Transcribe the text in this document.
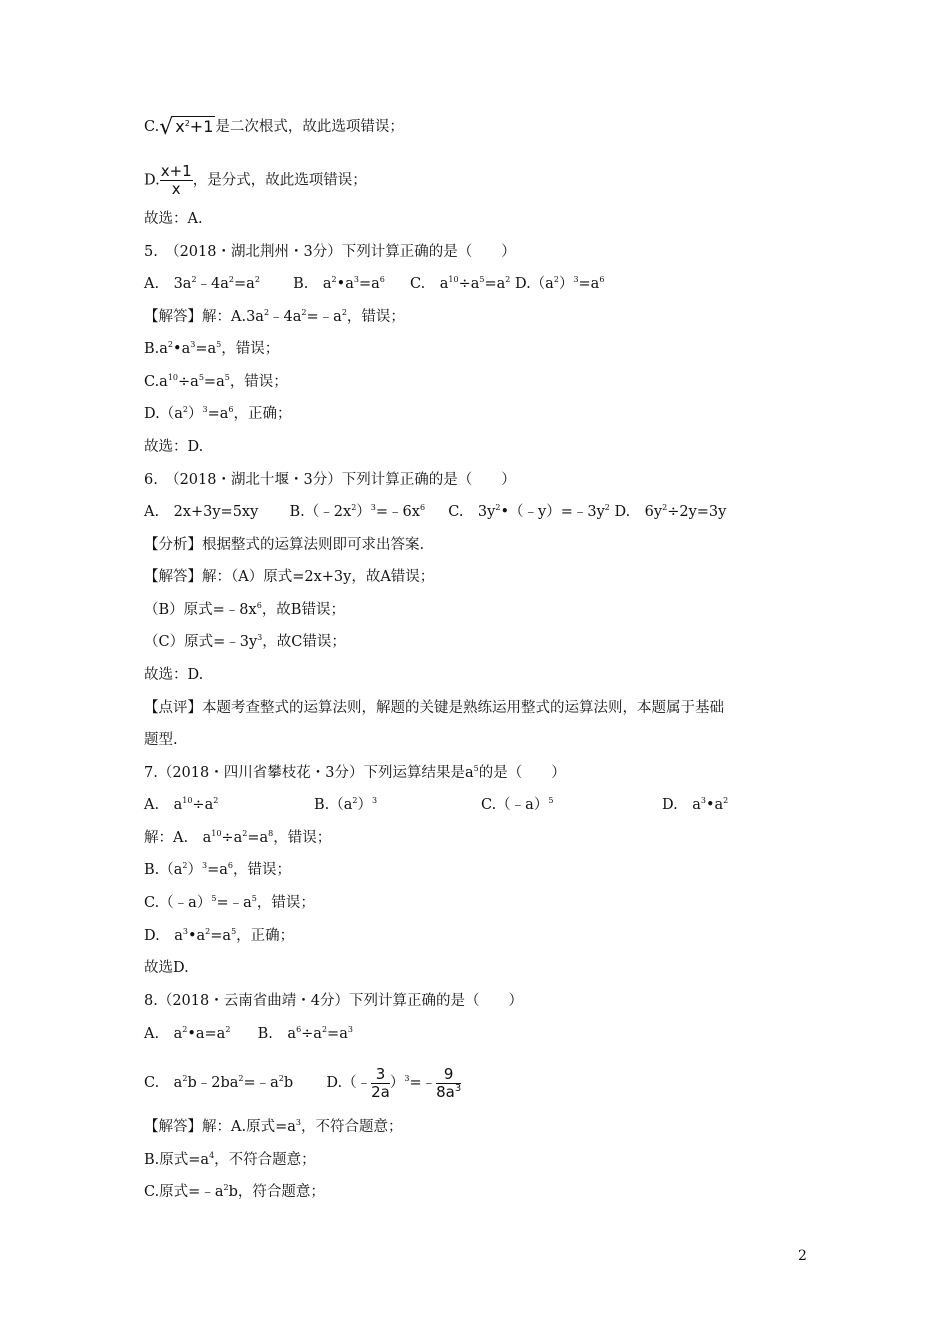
C.√ $x^2+1$ 是二次根式，故此选项错误；
D. $\frac{x+1}{x}$ ，是分式，故此选项错误；
故选：A.
5.　（2018・湖北荆州・3分）下列计算正确的是（　　）
A.　$3a^2﹣4a^2=a^2$ B.　$a^2•a^3=a^6$ C.　$a^{10}\div a^5=a^2$ $D.(a^2)^3=a^6$
【解答】解：$A.3a^2﹣4a^2=﹣a^2$，错误；
$B.a^2•a^3=a^5$，错误；
$C.a^{10}\div a^5=a^5$，错误；
$D.(a^2)^3=a^6$，正确；
故选：D.
6.　（2018・湖北十堰・3分）下列计算正确的是（　　）
A.　2x+3y=5xy $B.(﹣2x^2)^3=﹣6x^6$ C.　$3y^2•(﹣y)=﹣3y^2$ D.　$6y^2\div 2y=3y$
【分析】根据整式的运算法则即可求出答案.
【解答】解：（A）原式=2x+3y，故A错误；
（B）原式$=﹣8x^6$，故B错误；
（C）原式$=﹣3y^3$，故C错误；
故选：D.
【点评】本题考查整式的运算法则，解题的关键是熟练运用整式的运算法则，本题属于基础
题型.
7.（2018・四川省攀枝花・3分）下列运算结果是$a^5$的是（　　）
A.　$a^{10}\div a^2$	$B.(a^2)^3$	C.（﹣a）$^5$	D.　$a^3•a^2$
解：A.　$a^{10}\div a^2=a^8$，错误；
$B.(a^2)^3=a^6$，错误；
$C.(﹣a)^5=﹣a^5$，错误；
D.　$a^3•a^2=a^5$，正确；
故选D.
8.（2018・云南省曲靖・4分）下列计算正确的是（　　）
A.　$a^2•a=a^2$ B.　$a^6\div a^2=a^3$
C.　$a^2b﹣2ba^2=﹣a^2b$ D.（﹣ $\frac{3}{2a}$ ）$^3$=﹣ $\frac{9}{8a^3}$
【解答】解：A.原式$=a^3$，不符合题意；
B.原式$=a^4$，不符合题意；
C.原式$=﹣a^2b$，符合题意；
2
